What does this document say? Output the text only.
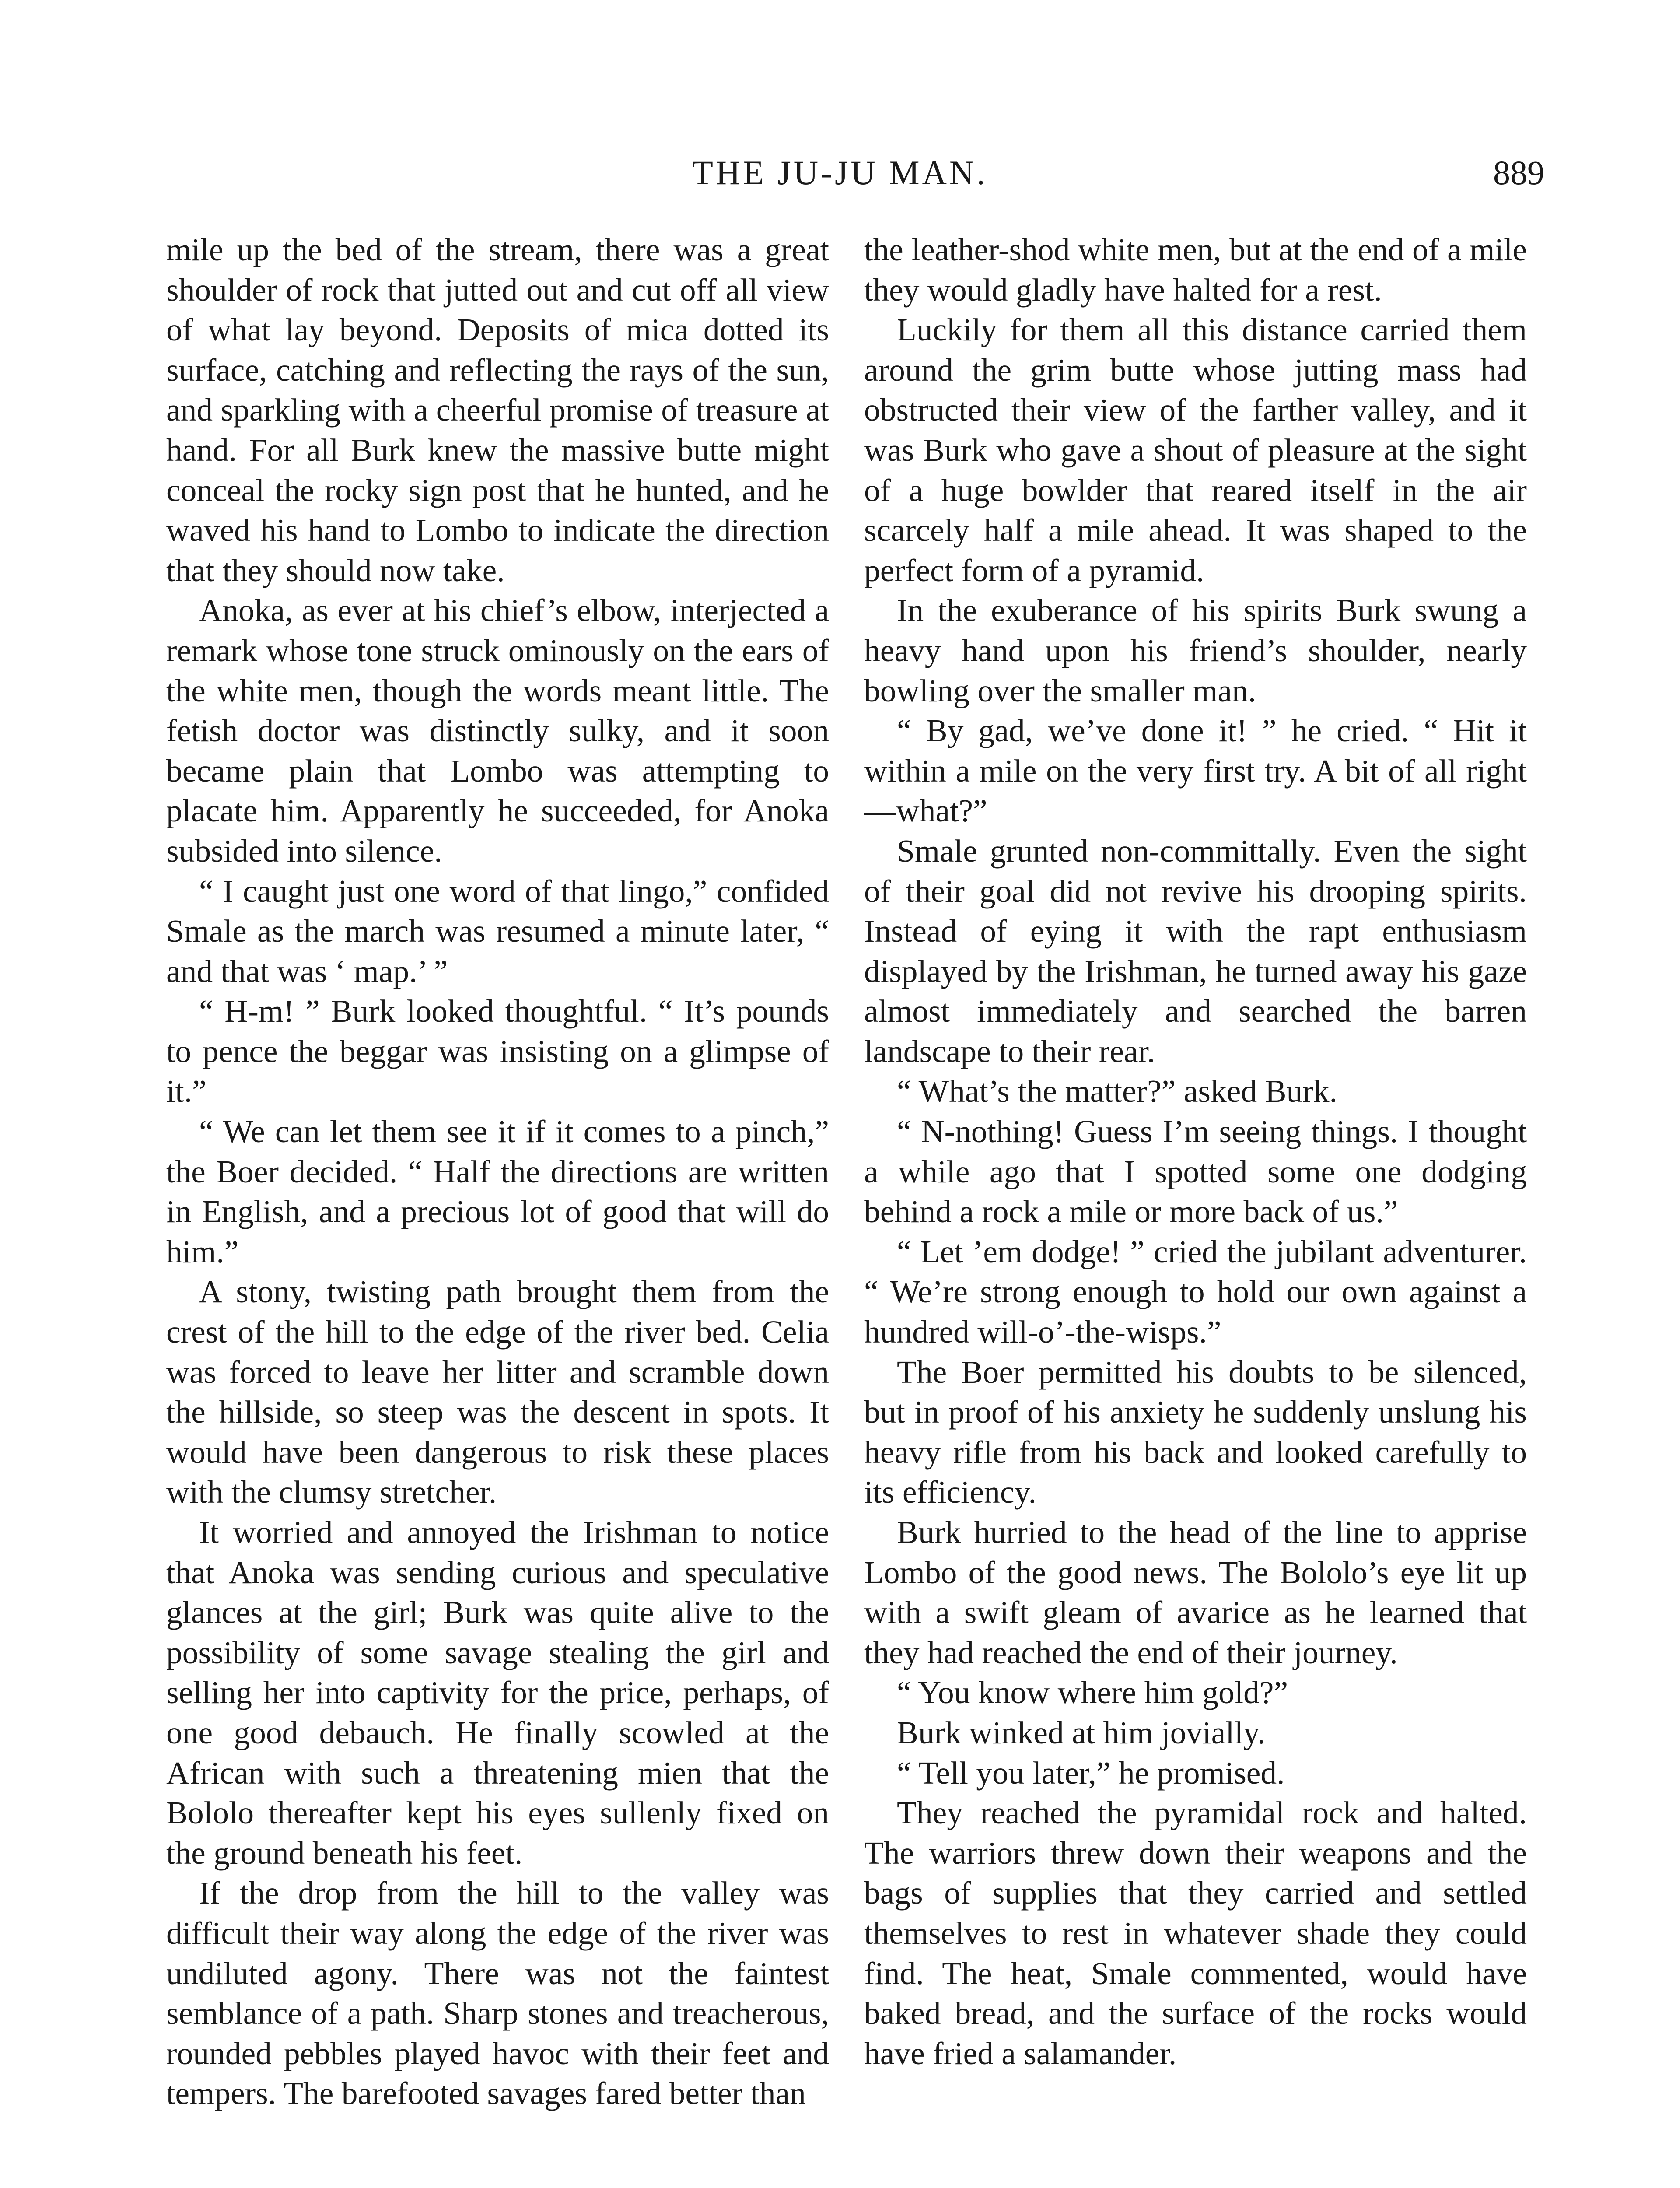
THE JU-JU MAN.	889

mile up the bed of the stream, there was a great shoulder of rock that jutted out and cut off all view of what lay beyond. Deposits of mica dotted its surface, catching and reflecting the rays of the sun, and sparkling with a cheerful promise of treasure at hand. For all Burk knew the massive butte might conceal the rocky sign post that he hunted, and he waved his hand to Lombo to indicate the direction that they should now take.

Anoka, as ever at his chief’s elbow, interjected a remark whose tone struck ominously on the ears of the white men, though the words meant little. The fetish doctor was distinctly sulky, and it soon became plain that Lombo was attempting to placate him. Apparently he succeeded, for Anoka subsided into silence.

“ I caught just one word of that lingo,” confided Smale as the march was resumed a minute later, “ and that was ‘ map.’ ”

“ H-m! ” Burk looked thoughtful. “ It’s pounds to pence the beggar was insisting on a glimpse of it.”

“ We can let them see it if it comes to a pinch,” the Boer decided. “ Half the directions are written in English, and a precious lot of good that will do him.”

A stony, twisting path brought them from the crest of the hill to the edge of the river bed. Celia was forced to leave her litter and scramble down the hillside, so steep was the descent in spots. It would have been dangerous to risk these places with the clumsy stretcher.

It worried and annoyed the Irishman to notice that Anoka was sending curious and speculative glances at the girl; Burk was quite alive to the possibility of some savage stealing the girl and selling her into captivity for the price, perhaps, of one good debauch. He finally scowled at the African with such a threatening mien that the Bololo thereafter kept his eyes sullenly fixed on the ground beneath his feet.

If the drop from the hill to the valley was difficult their way along the edge of the river was undiluted agony. There was not the faintest semblance of a path. Sharp stones and treacherous, rounded pebbles played havoc with their feet and tempers. The barefooted savages fared better than

the leather-shod white men, but at the end of a mile they would gladly have halted for a rest.

Luckily for them all this distance carried them around the grim butte whose jutting mass had obstructed their view of the farther valley, and it was Burk who gave a shout of pleasure at the sight of a huge bowlder that reared itself in the air scarcely half a mile ahead. It was shaped to the perfect form of a pyramid.

In the exuberance of his spirits Burk swung a heavy hand upon his friend’s shoulder, nearly bowling over the smaller man.

“ By gad, we’ve done it! ” he cried. “ Hit it within a mile on the very first try. A bit of all right—what?”

Smale grunted non-committally. Even the sight of their goal did not revive his drooping spirits. Instead of eying it with the rapt enthusiasm displayed by the Irishman, he turned away his gaze almost immediately and searched the barren landscape to their rear.

“ What’s the matter?” asked Burk.

“ N-nothing! Guess I’m seeing things. I thought a while ago that I spotted some one dodging behind a rock a mile or more back of us.”

“ Let ’em dodge! ” cried the jubilant adventurer. “ We’re strong enough to hold our own against a hundred will-o’-the-wisps.”

The Boer permitted his doubts to be silenced, but in proof of his anxiety he suddenly unslung his heavy rifle from his back and looked carefully to its efficiency.

Burk hurried to the head of the line to apprise Lombo of the good news. The Bololo’s eye lit up with a swift gleam of avarice as he learned that they had reached the end of their journey.

“ You know where him gold?”

Burk winked at him jovially.

“ Tell you later,” he promised.

They reached the pyramidal rock and halted. The warriors threw down their weapons and the bags of supplies that they carried and settled themselves to rest in whatever shade they could find. The heat, Smale commented, would have baked bread, and the surface of the rocks would have fried a salamander.
